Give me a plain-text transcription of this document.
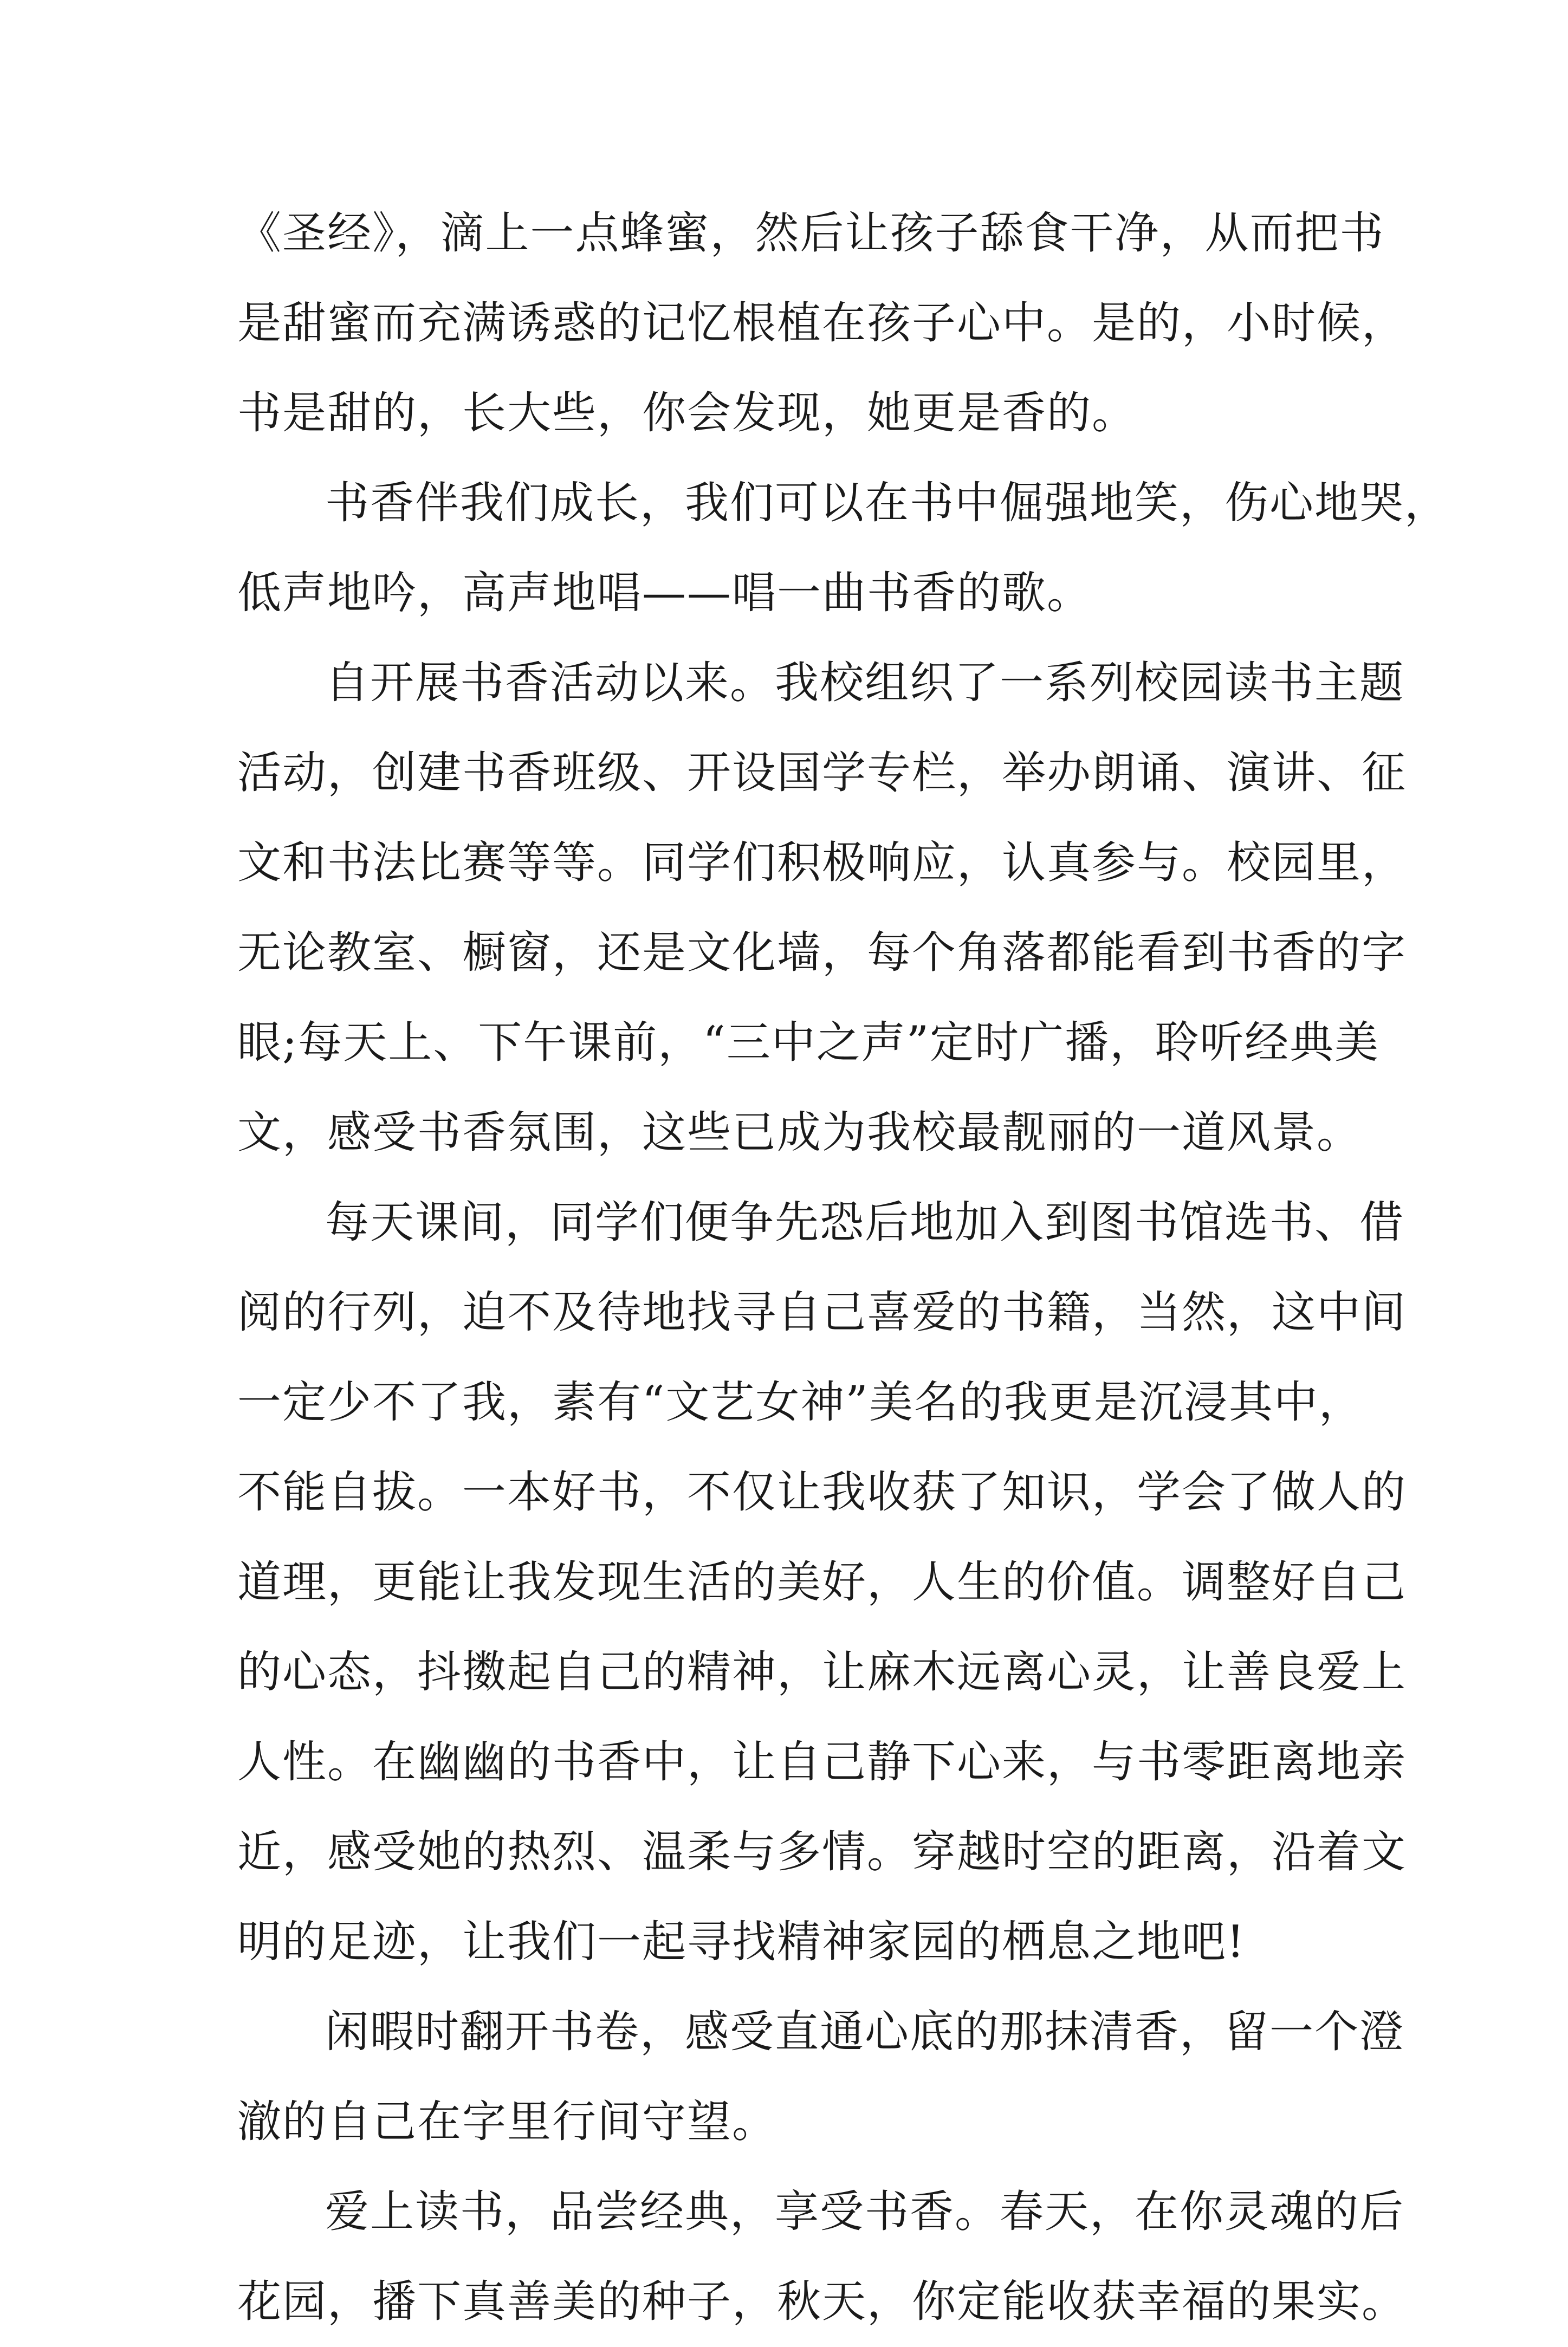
《圣经》，滴上一点蜂蜜，然后让孩子舔食干净，从而把书
是甜蜜而充满诱惑的记忆根植在孩子心中。是的，小时候，
书是甜的，长大些，你会发现，她更是香的。
书香伴我们成长，我们可以在书中倔强地笑，伤心地哭，
低声地吟，高声地唱——唱一曲书香的歌。
自开展书香活动以来。我校组织了一系列校园读书主题
活动，创建书香班级、开设国学专栏，举办朗诵、演讲、征
文和书法比赛等等。同学们积极响应，认真参与。校园里，
无论教室、橱窗，还是文化墙，每个角落都能看到书香的字
眼;每天上、下午课前，“三中之声”定时广播，聆听经典美
文，感受书香氛围，这些已成为我校最靓丽的一道风景。
每天课间，同学们便争先恐后地加入到图书馆选书、借
阅的行列，迫不及待地找寻自己喜爱的书籍，当然，这中间
一定少不了我，素有“文艺女神”美名的我更是沉浸其中，
不能自拔。一本好书，不仅让我收获了知识，学会了做人的
道理，更能让我发现生活的美好，人生的价值。调整好自己
的心态，抖擞起自己的精神，让麻木远离心灵，让善良爱上
人性。在幽幽的书香中，让自己静下心来，与书零距离地亲
近，感受她的热烈、温柔与多情。穿越时空的距离，沿着文
明的足迹，让我们一起寻找精神家园的栖息之地吧!
闲暇时翻开书卷，感受直通心底的那抹清香，留一个澄
澈的自己在字里行间守望。
爱上读书，品尝经典，享受书香。春天，在你灵魂的后
花园，播下真善美的种子，秋天，你定能收获幸福的果实。
